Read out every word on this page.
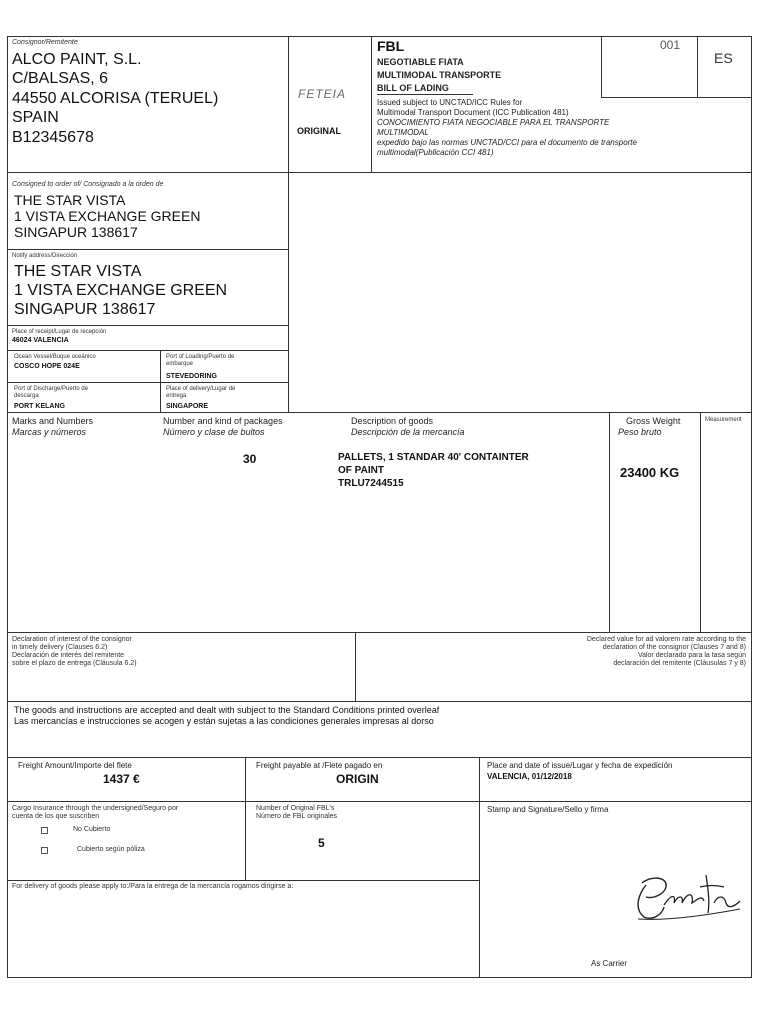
Consignor/Remitente
ALCO PAINT, S.L.
C/BALSAS, 6
44550 ALCORISA (TERUEL)
SPAIN
B12345678
FETEIA
ORIGINAL
FBL
NEGOTIABLE FIATA
MULTIMODAL TRANSPORTE
BILL OF LADING
Issued subject to UNCTAD/ICC Rules for
Multimodal Transport Document (ICC Publication 481)
CONOCIMIENTO FIATA NEGOCIABLE PARA EL TRANSPORTE
MULTIMODAL
expedido bajo las normas UNCTAD/CCI para el documento de transporte
multimodal(Publicación CCI 481)
001
ES
Consigned to order of/ Consignado a la orden de
THE STAR VISTA
1 VISTA EXCHANGE GREEN
SINGAPUR 138617
Notify address/Dirección
THE STAR VISTA
1 VISTA EXCHANGE GREEN
SINGAPUR 138617
Place of receipt/Lugar de recepción
46024 VALENCIA
Ocean Vessel/Buque oceánico
COSCO HOPE 024E
Port of Loading/Puerto de
embarque
STEVEDORING
Port of Discharge/Puerto de
descarga
PORT KELANG
Place of delivery/Lugar de
entrega
SINGAPORE
Marks and Numbers
Marcas y números
Number and kind of packages
Número y clase de bultos
Description of goods
Descripción de la mercancía
Gross Weight
Peso bruto
Measurement
30	PALLETS, 1 STANDAR 40' CONTAINTER
OF PAINT
TRLU7244515
23400 KG
Declaration of interest of the consignor
in timely delivery (Clauses 6.2)
Declaración de interés del remitente
sobre el plazo de entrega (Cláusula 6.2)
Declared value for ad valorem rate according to the
declaration of the consignor (Clauses 7 and 8)
Valor declarado para la tasa según
declaración del remitente (Cláusulas 7 y 8)
The goods and instructions are accepted and dealt with subject to the Standard Conditions printed overleaf
Las mercancías e instrucciones se acogen y están sujetas a las condiciones generales impresas al dorso
Freight Amount/Importe del flete
1437 €
Freight payable at /Flete pagado en
ORIGIN
Place and date of issue/Lugar y fecha de expedición
VALENCIA, 01/12/2018
Cargo Insurance through the undersigned/Seguro por
cuenta de los que suscriben
No Cubierto
Cubierto según póliza
Number of Original FBL's
Número de FBL originales
5
Stamp and Signature/Sello y firma
As Carrier
For delivery of goods please apply to:/Para la entrega de la mercancía rogamos dirigirse a:
